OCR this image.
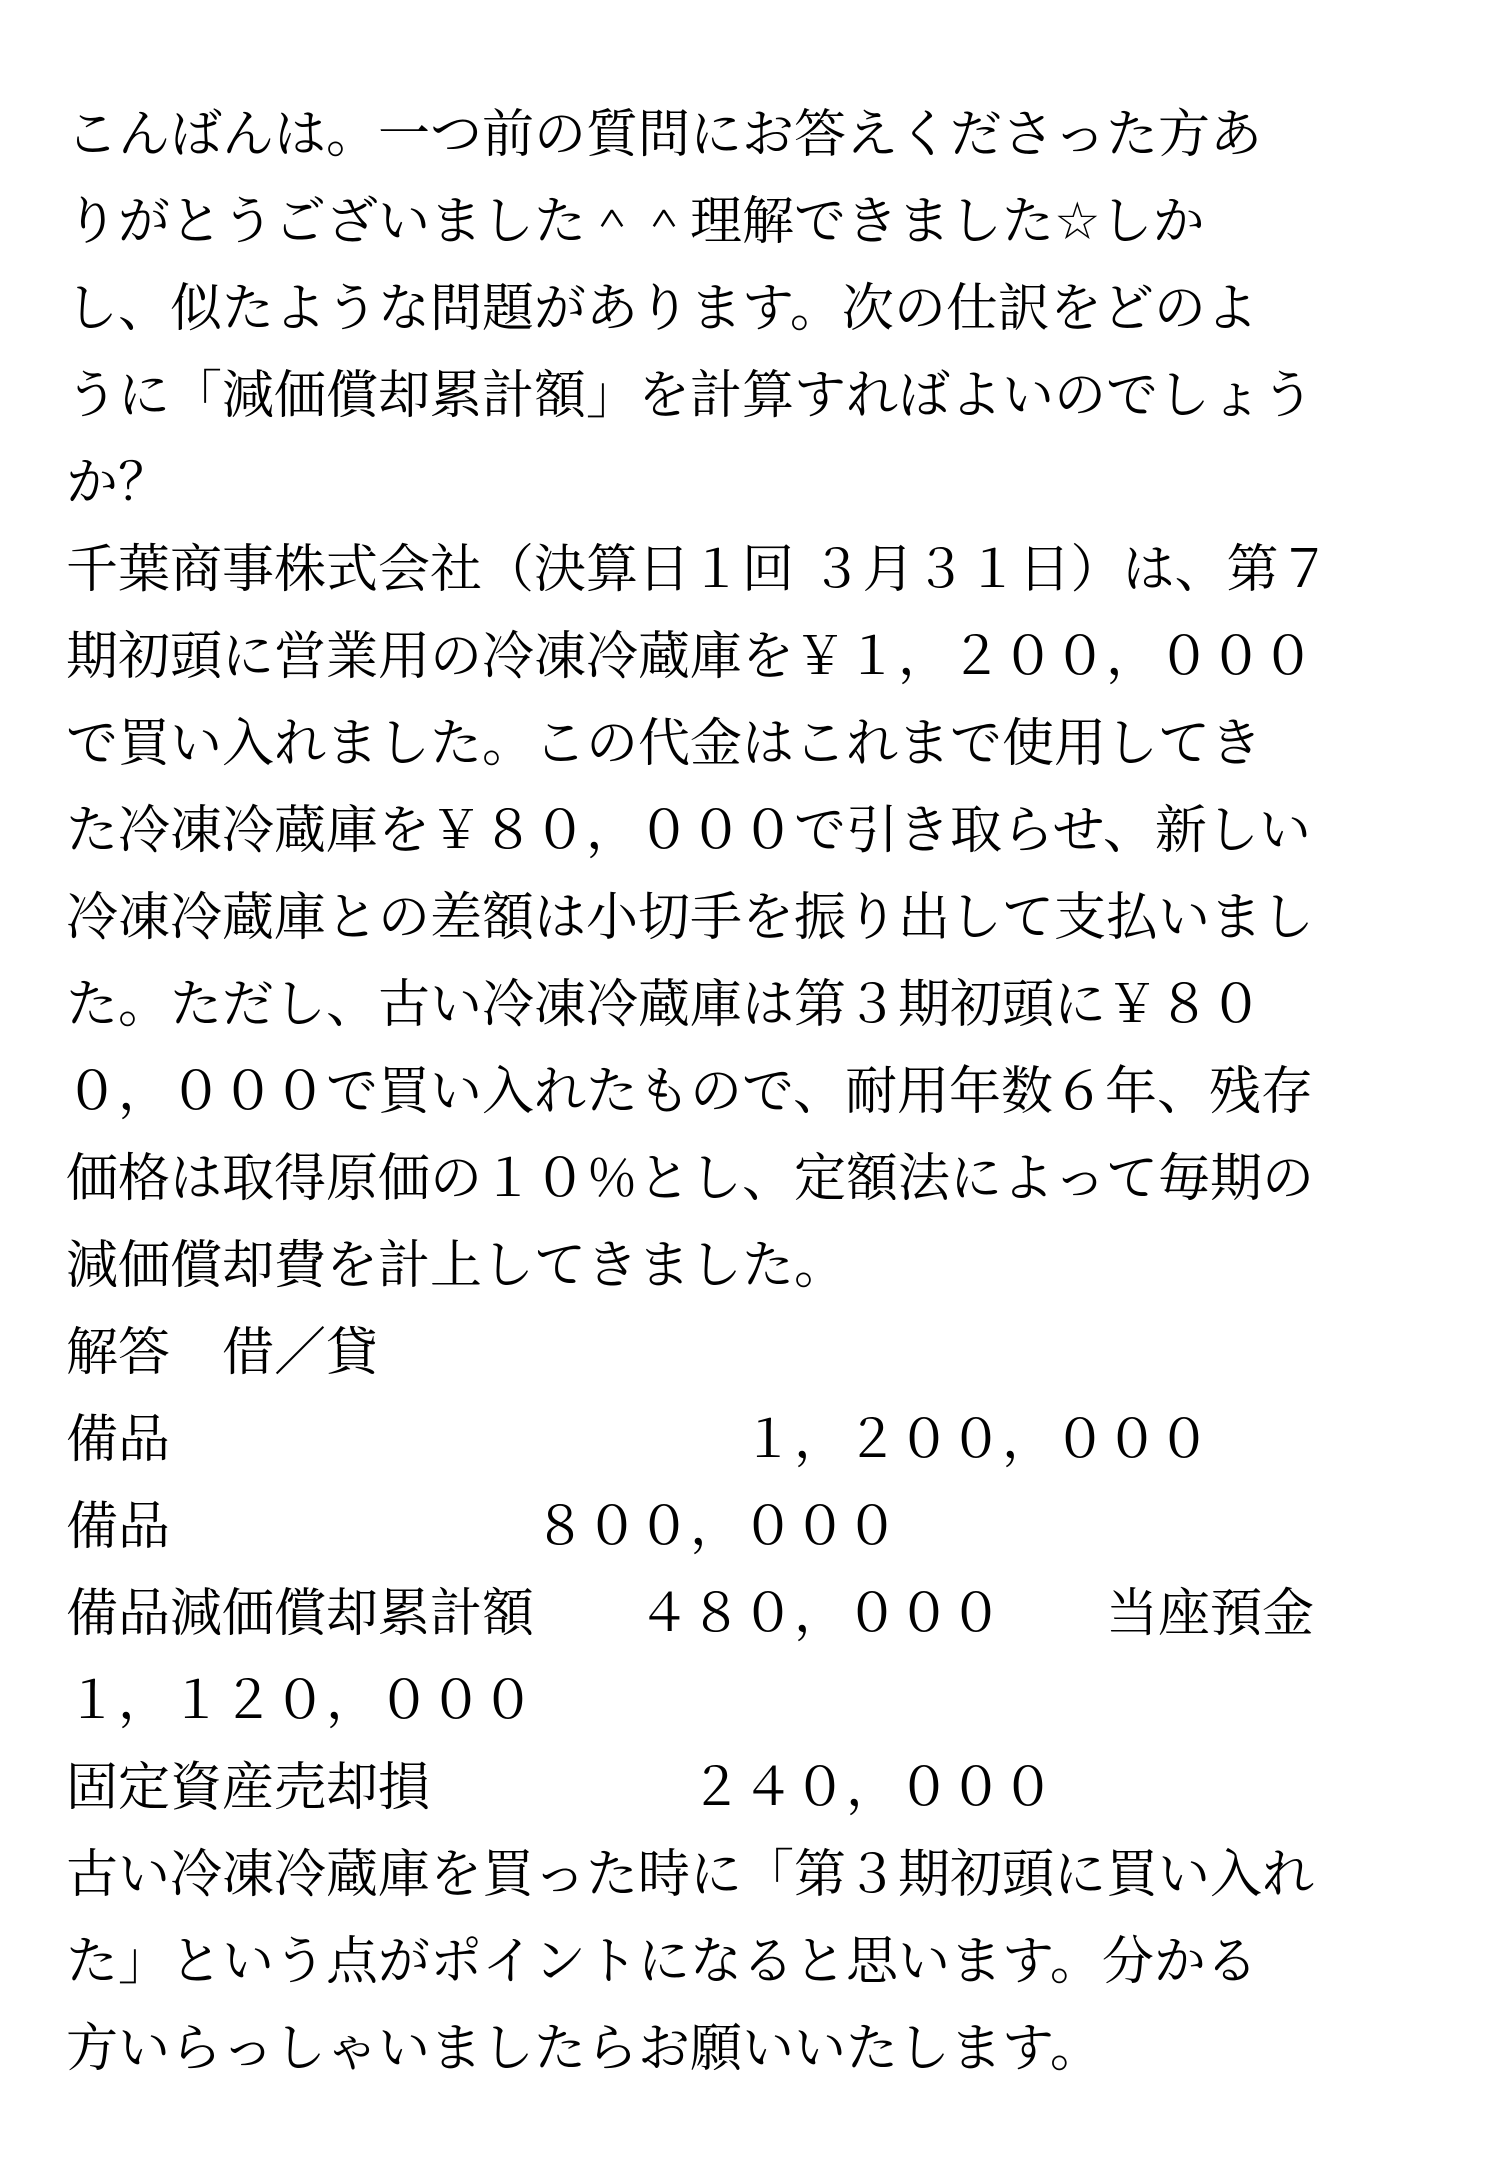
こんばんは。一つ前の質問にお答えくださった方あ
りがとうございました＾＾理解できました☆しか
し、似たような問題があります。次の仕訳をどのよ
うに「減価償却累計額」を計算すればよいのでしょう
か？
千葉商事株式会社（決算日１回 ３月３１日）は、第７
期初頭に営業用の冷凍冷蔵庫を￥１，２００，０００
で買い入れました。この代金はこれまで使用してき
た冷凍冷蔵庫を￥８０，０００で引き取らせ、新しい
冷凍冷蔵庫との差額は小切手を振り出して支払いまし
た。ただし、古い冷凍冷蔵庫は第３期初頭に￥８０
０，０００で買い入れたもので、耐用年数６年、残存
価格は取得原価の１０％とし、定額法によって毎期の
減価償却費を計上してきました。
解答　借／貸
備品　　　　　　　　　　　１，２００，０００
備品　　　　　　　８００，０００
備品減価償却累計額　　４８０，０００　　当座預金
１，１２０，０００
固定資産売却損　　　　　２４０，０００
古い冷凍冷蔵庫を買った時に「第３期初頭に買い入れ
た」という点がポイントになると思います。分かる
方いらっしゃいましたらお願いいたします。
